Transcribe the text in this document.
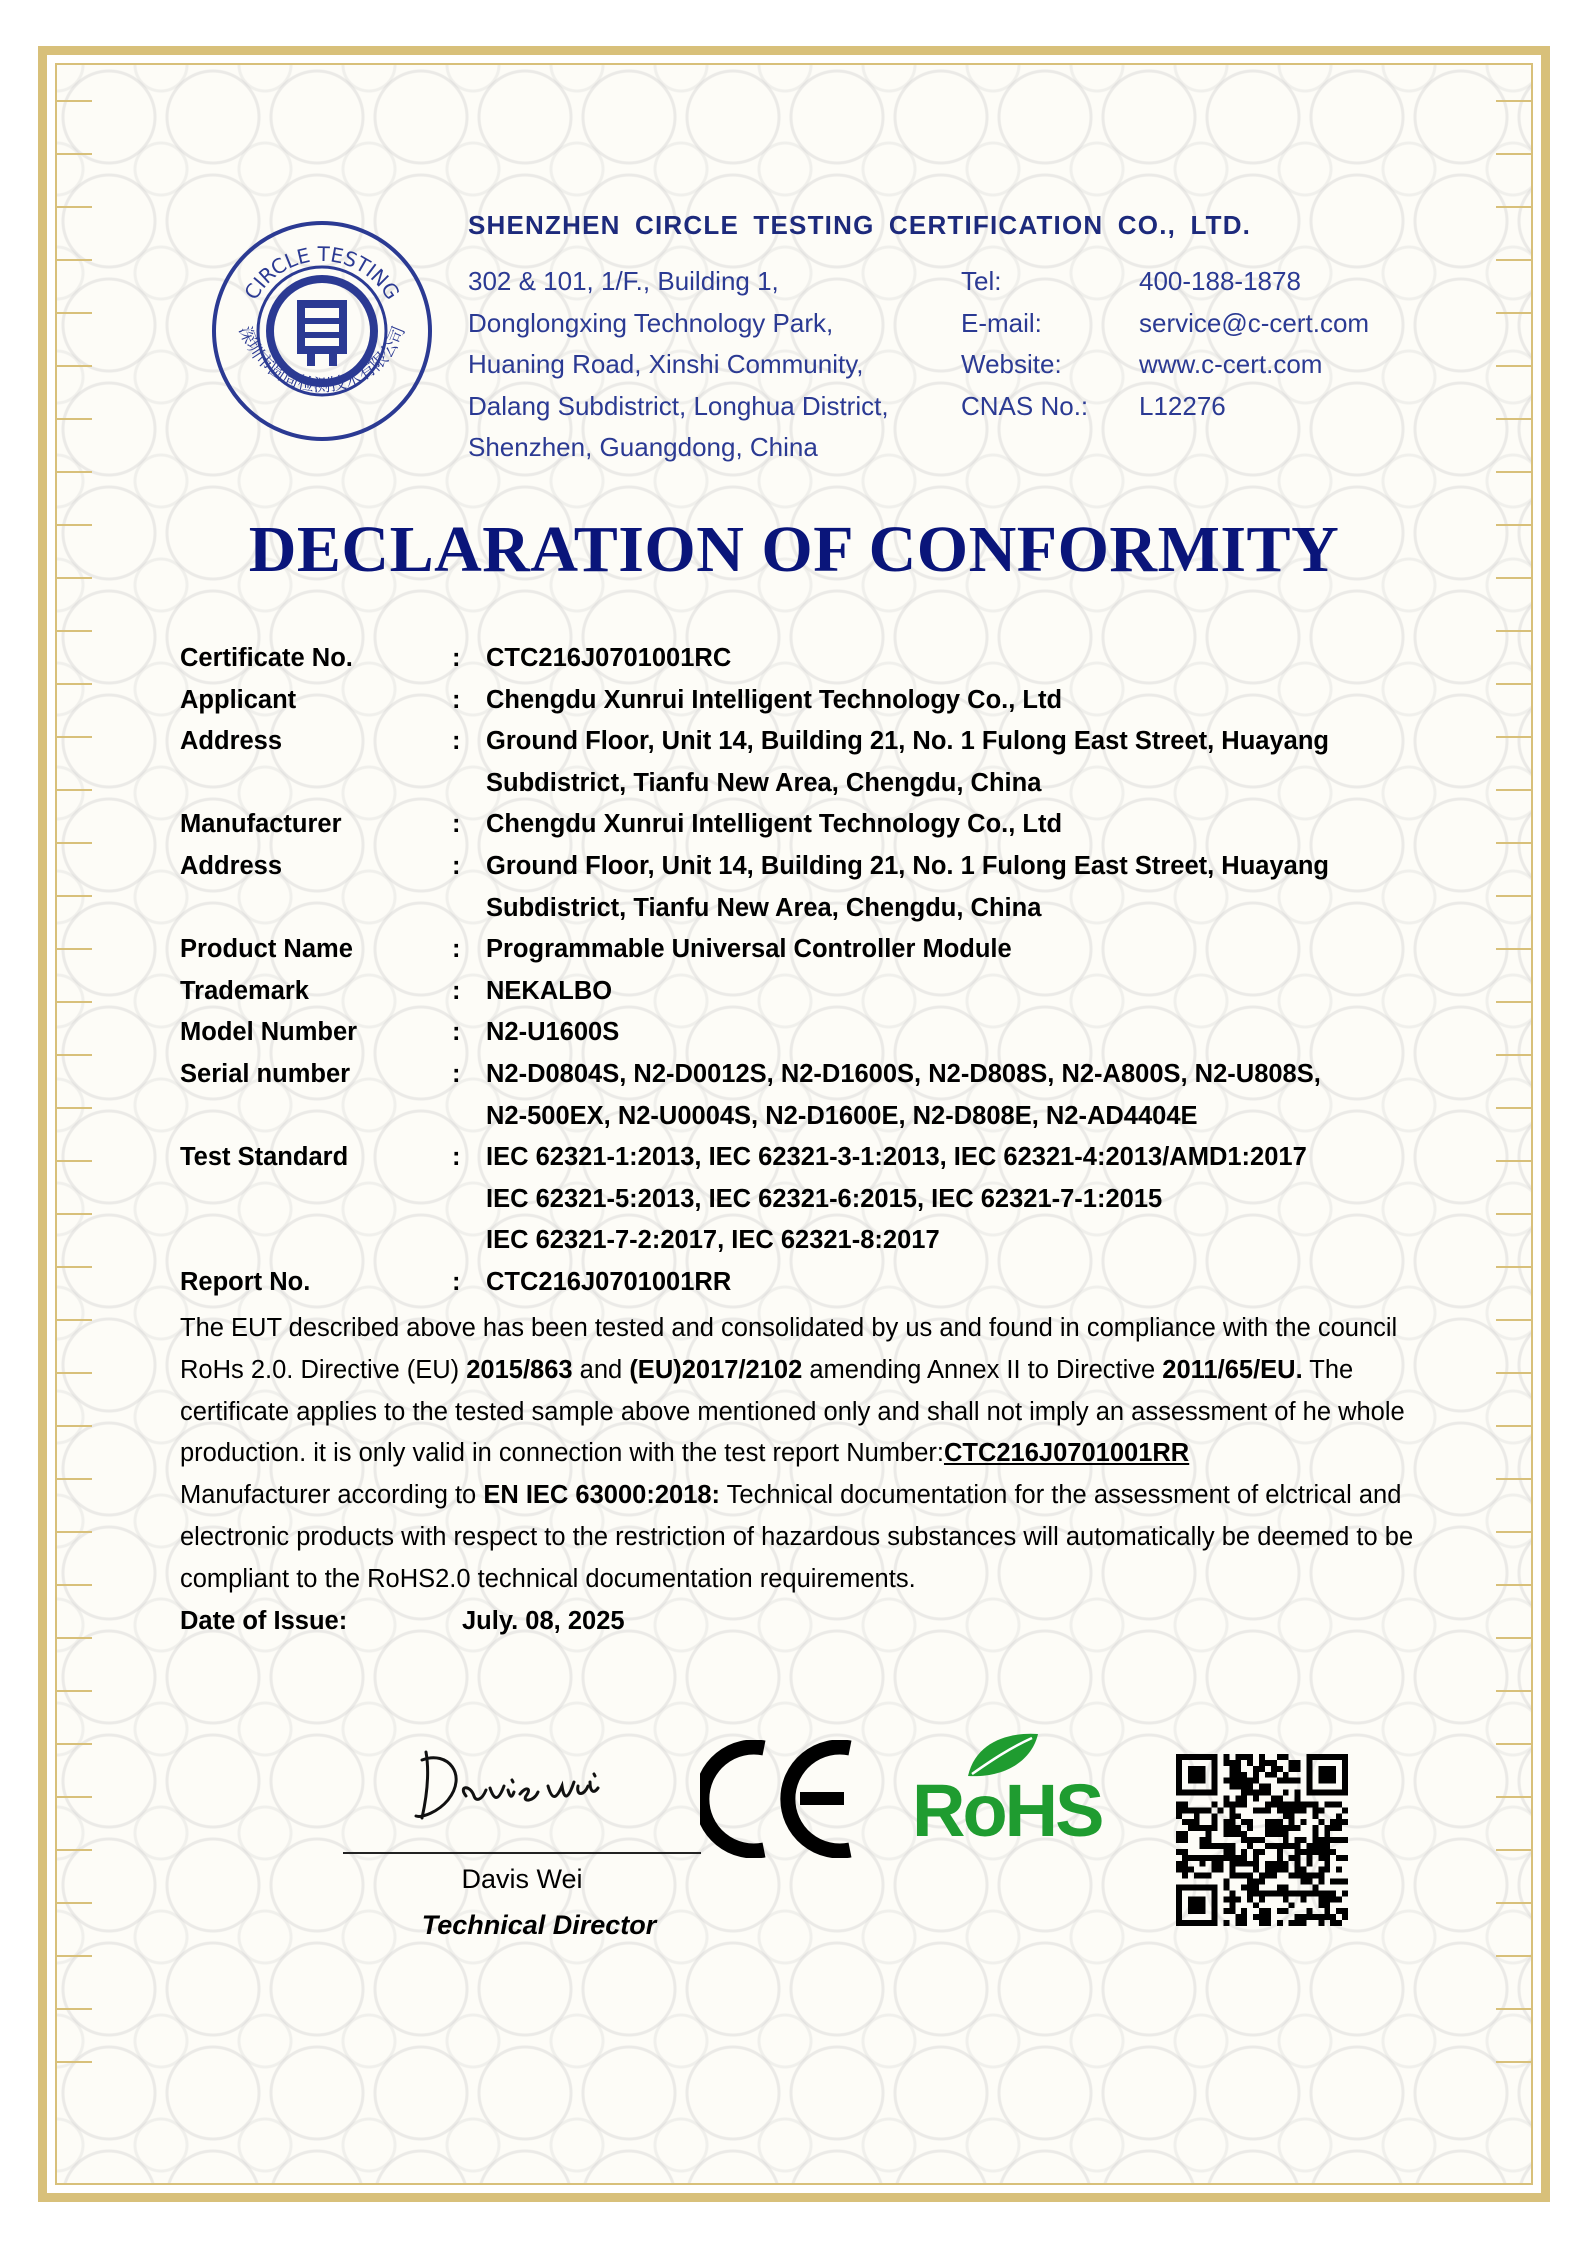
CIRCLE TESTING
深圳市圆周检测技术有限公司
SHENZHEN CIRCLE TESTING CERTIFICATION CO., LTD.
302 & 101, 1/F., Building 1,
Donglongxing Technology Park,
Huaning Road, Xinshi Community,
Dalang Subdistrict, Longhua District,
Shenzhen, Guangdong, China
Tel:	400-188-1878
E-mail:	service@c-cert.com
Website:	www.c-cert.com
CNAS No.:	L12276
DECLARATION OF CONFORMITY
Certificate No.	:	CTC216J0701001RC
Applicant	:	Chengdu Xunrui Intelligent Technology Co., Ltd
Address	:	Ground Floor, Unit 14, Building 21, No. 1 Fulong East Street, Huayang
Subdistrict, Tianfu New Area, Chengdu, China
Manufacturer	:	Chengdu Xunrui Intelligent Technology Co., Ltd
Address	:	Ground Floor, Unit 14, Building 21, No. 1 Fulong East Street, Huayang
Subdistrict, Tianfu New Area, Chengdu, China
Product Name	:	Programmable Universal Controller Module
Trademark	:	NEKALBO
Model Number	:	N2-U1600S
Serial number	:	N2-D0804S, N2-D0012S, N2-D1600S, N2-D808S, N2-A800S, N2-U808S,
N2-500EX, N2-U0004S, N2-D1600E, N2-D808E, N2-AD4404E
Test Standard	:	IEC 62321-1:2013, IEC 62321-3-1:2013, IEC 62321-4:2013/AMD1:2017
IEC 62321-5:2013, IEC 62321-6:2015, IEC 62321-7-1:2015
IEC 62321-7-2:2017, IEC 62321-8:2017
Report No.	:	CTC216J0701001RR
The EUT described above has been tested and consolidated by us and found in compliance with the council RoHs 2.0. Directive (EU) 2015/863 and (EU)2017/2102 amending Annex II to Directive 2011/65/EU. The certificate applies to the tested sample above mentioned only and shall not imply an assessment of he whole production. it is only valid in connection with the test report Number:CTC216J0701001RR
Manufacturer according to EN IEC 63000:2018: Technical documentation for the assessment of elctrical and electronic products with respect to the restriction of hazardous substances will automatically be deemed to be compliant to the RoHS2.0 technical documentation requirements.
Date of Issue:	July. 08, 2025
Davis Wei
Technical Director
RoHS
